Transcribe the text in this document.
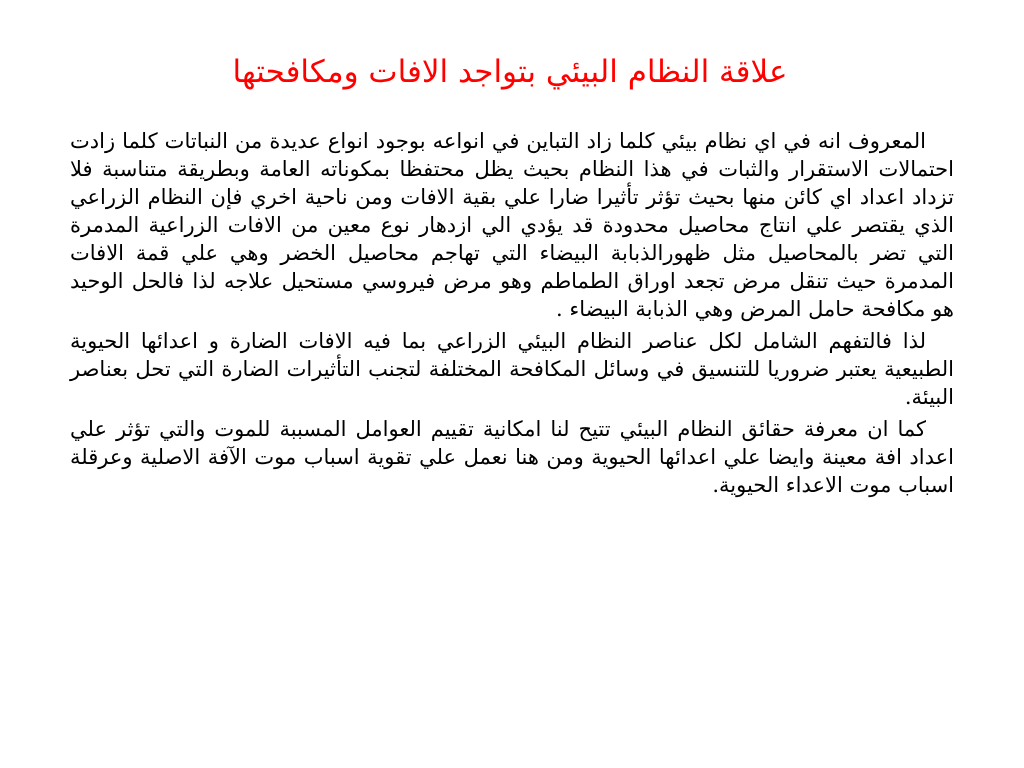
علاقة النظام البيئي بتواجد الافات ومكافحتها

المعروف انه في اي نظام بيئي كلما زاد التباين في انواعه بوجود انواع عديدة من النباتات كلما زادت احتمالات الاستقرار والثبات في هذا النظام بحيث يظل محتفظا بمكوناته العامة وبطريقة متناسبة فلا تزداد اعداد اي كائن منها بحيث تؤثر تأثيرا ضارا علي بقية الافات ومن ناحية اخري فإن النظام الزراعي الذي يقتصر علي انتاج محاصيل محدودة قد يؤدي الي ازدهار نوع معين من الافات الزراعية المدمرة التي تضر بالمحاصيل مثل ظهورالذبابة البيضاء التي تهاجم محاصيل الخضر وهي علي قمة الافات المدمرة حيث تنقل مرض تجعد اوراق الطماطم وهو مرض فيروسي مستحيل علاجه لذا فالحل الوحيد هو مكافحة حامل المرض وهي الذبابة البيضاء .

لذا فالتفهم الشامل لكل عناصر النظام البيئي الزراعي بما فيه الافات الضارة و اعدائها الحيوية الطبيعية يعتبر ضروريا للتنسيق في وسائل المكافحة المختلفة لتجنب التأثيرات الضارة التي تحل بعناصر البيئة.

كما ان معرفة حقائق النظام البيئي تتيح لنا امكانية تقييم العوامل المسببة للموت والتي تؤثر علي اعداد افة معينة وايضا علي اعدائها الحيوية ومن هنا نعمل علي تقوية اسباب موت الآفة الاصلية وعرقلة اسباب موت الاعداء الحيوية.
